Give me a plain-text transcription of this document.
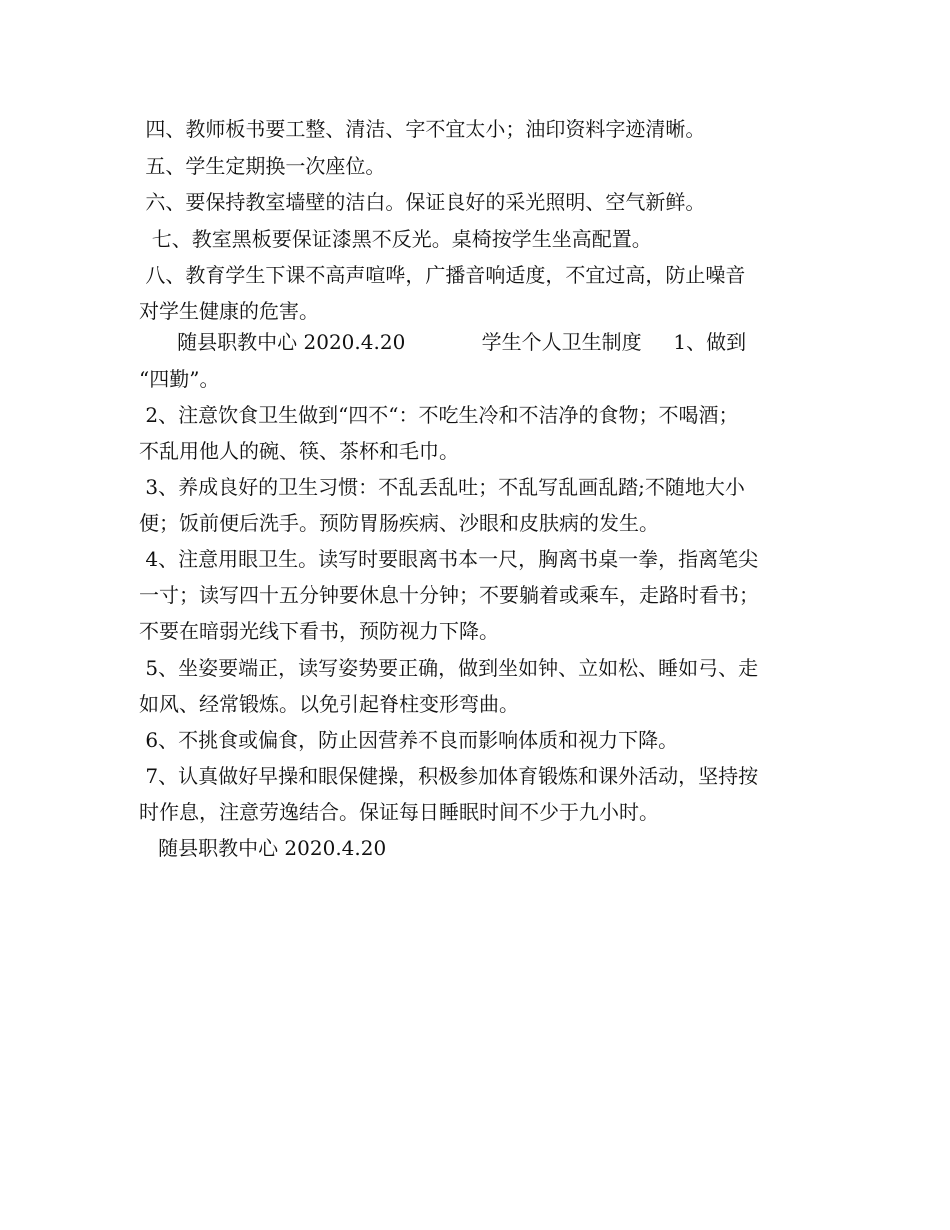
四、教师板书要工整、清洁、字不宜太小；油印资料字迹清晰。
五、学生定期换一次座位。
六、要保持教室墙壁的洁白。保证良好的采光照明、空气新鲜。
七、教室黑板要保证漆黑不反光。桌椅按学生坐高配置。
八、教育学生下课不高声喧哗，广播音响适度，不宜过高，防止噪音
对学生健康的危害。
随县职教中心 2020.4.20            学生个人卫生制度     1、做到
“四勤”。
2、注意饮食卫生做到“四不“：不吃生冷和不洁净的食物；不喝酒；
不乱用他人的碗、筷、茶杯和毛巾。
3、养成良好的卫生习惯：不乱丢乱吐；不乱写乱画乱踏;不随地大小
便；饭前便后洗手。预防胃肠疾病、沙眼和皮肤病的发生。
4、注意用眼卫生。读写时要眼离书本一尺，胸离书桌一拳，指离笔尖
一寸；读写四十五分钟要休息十分钟；不要躺着或乘车，走路时看书；
不要在暗弱光线下看书，预防视力下降。
5、坐姿要端正，读写姿势要正确，做到坐如钟、立如松、睡如弓、走
如风、经常锻炼。以免引起脊柱变形弯曲。
6、不挑食或偏食，防止因营养不良而影响体质和视力下降。
7、认真做好早操和眼保健操，积极参加体育锻炼和课外活动，坚持按
时作息，注意劳逸结合。保证每日睡眠时间不少于九小时。
随县职教中心 2020.4.20
